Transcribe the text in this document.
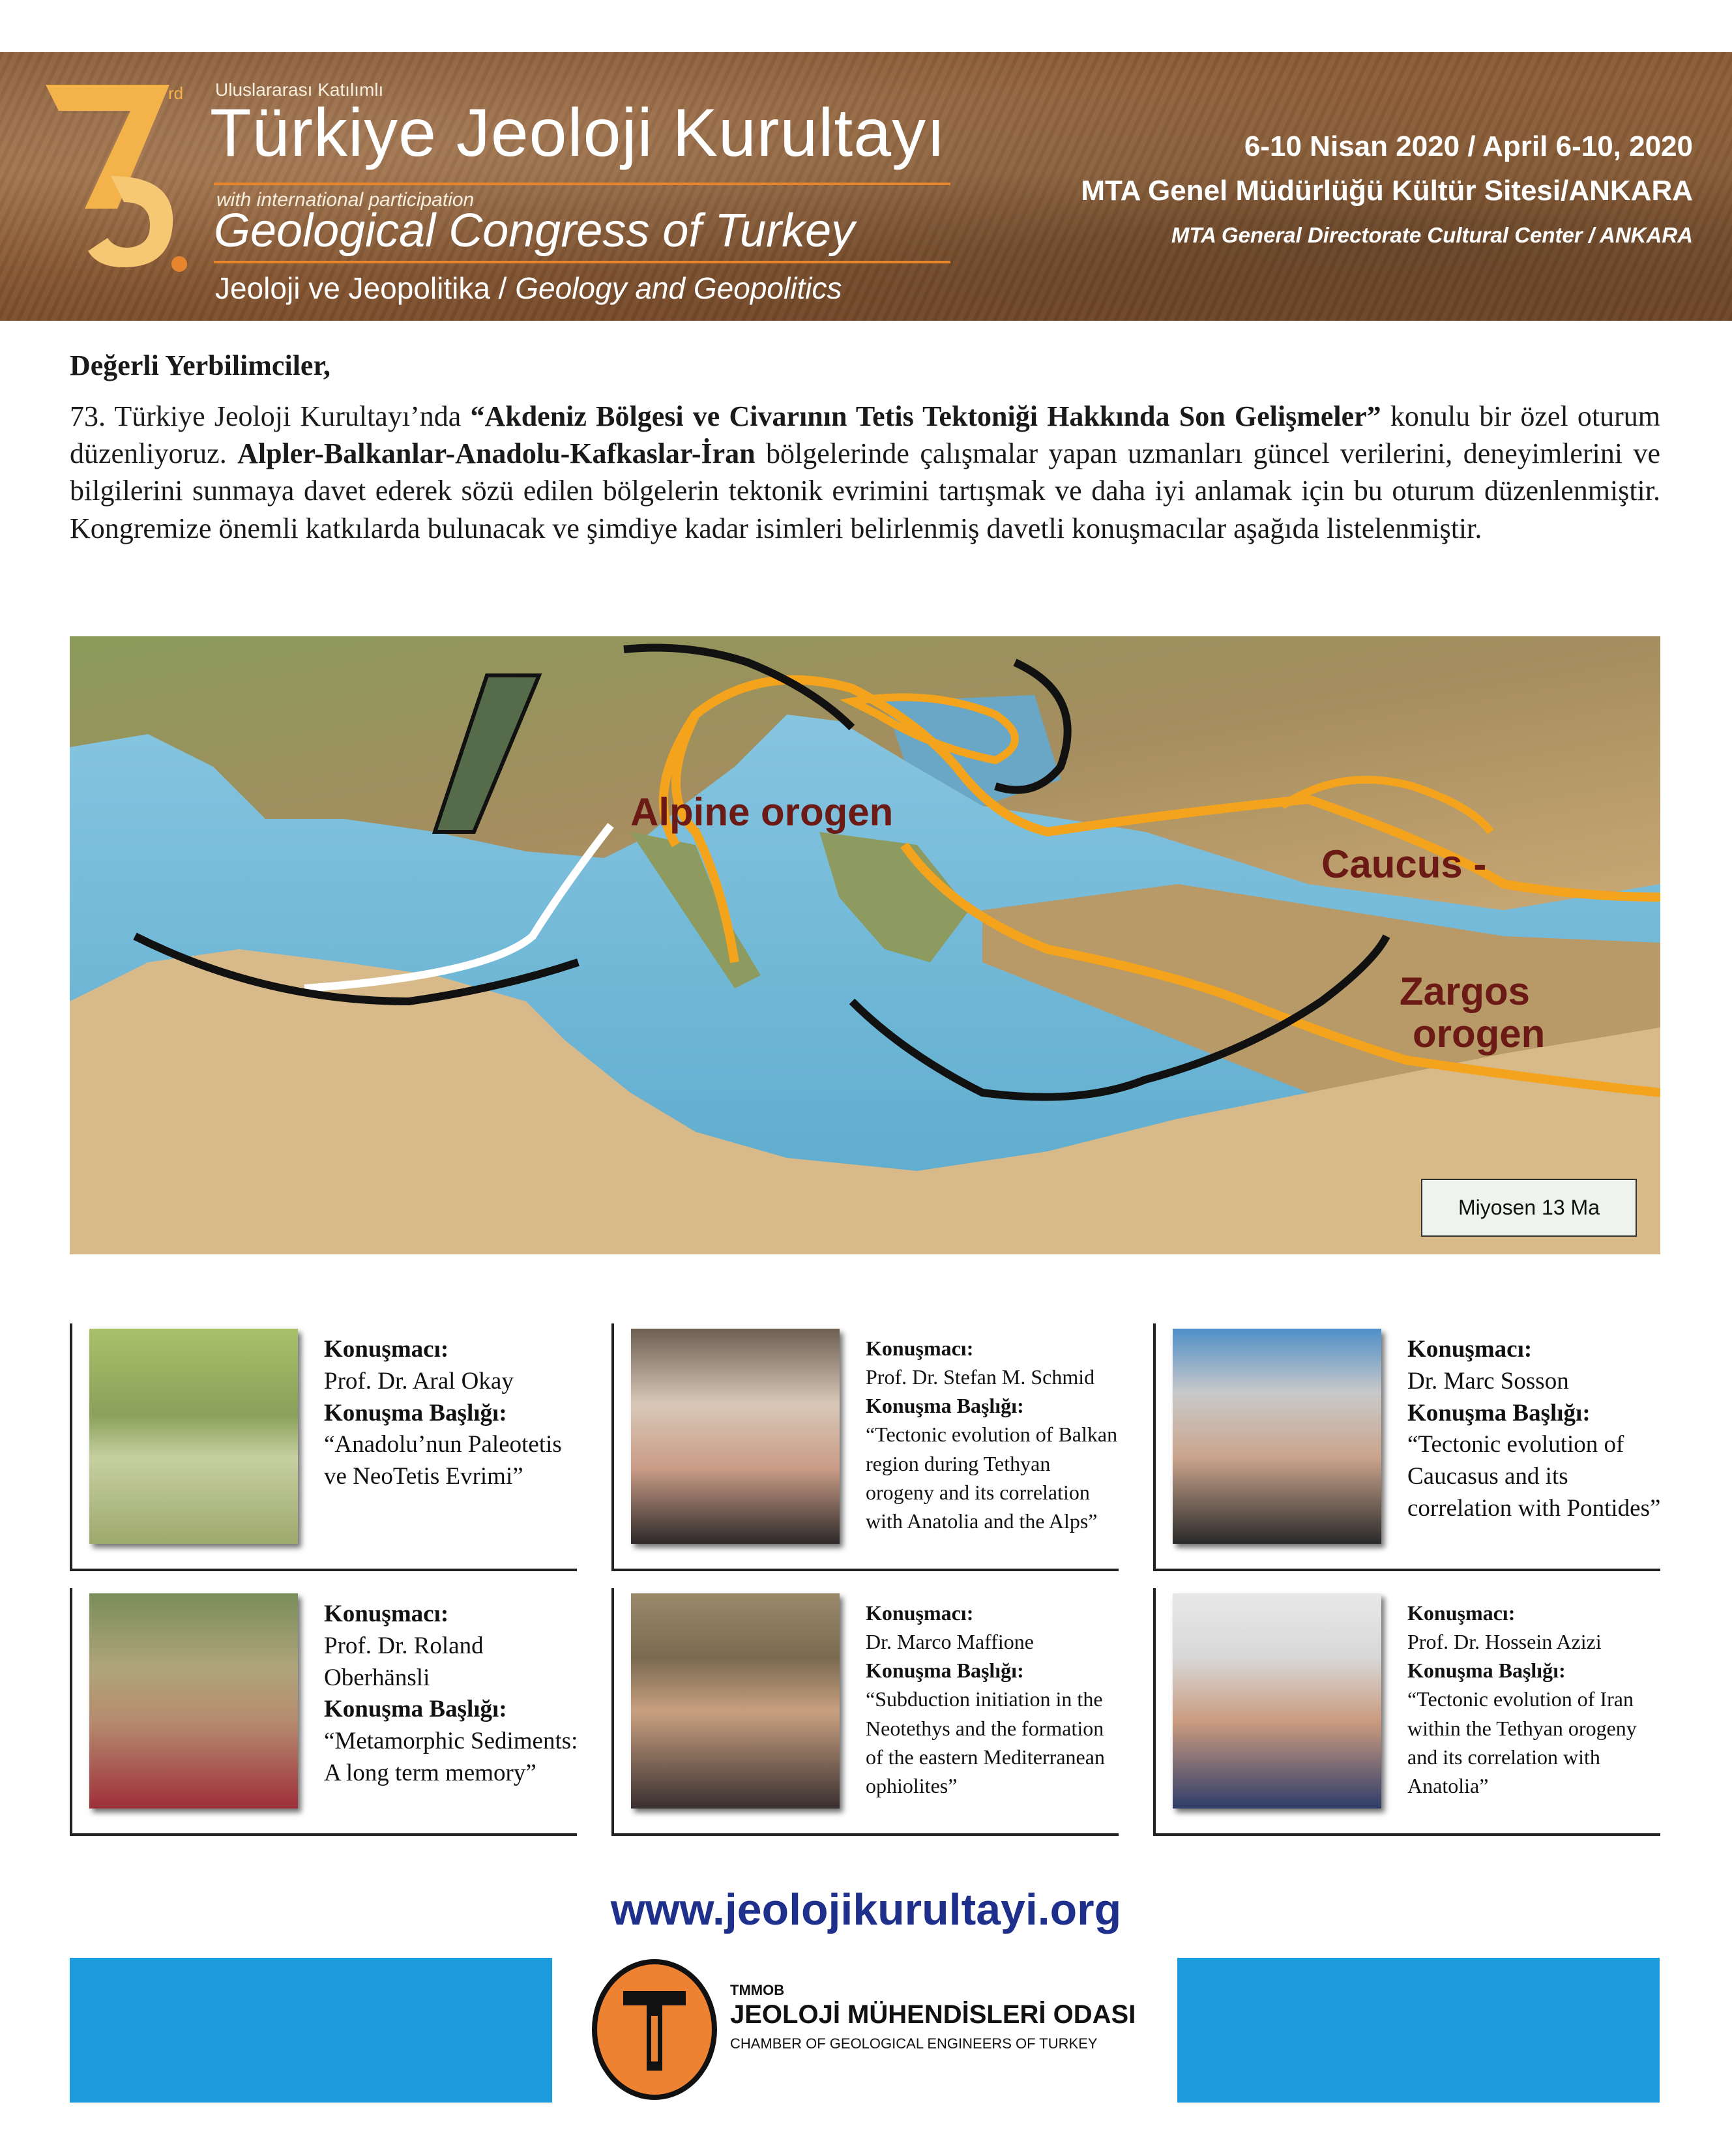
rd Uluslararası Katılımlı
Türkiye Jeoloji Kurultayı
with international participation
Geological Congress of Turkey
Jeoloji ve Jeopolitika / Geology and Geopolitics
6-10 Nisan 2020 / April 6-10, 2020
MTA Genel Müdürlüğü Kültür Sitesi/ANKARA
MTA General Directorate Cultural Center / ANKARA
Değerli Yerbilimciler,
73. Türkiye Jeoloji Kurultayı’nda “Akdeniz Bölgesi ve Civarının Tetis Tektoniği Hakkında Son Gelişmeler” konulu bir özel oturum düzenliyoruz. Alpler-Balkanlar-Anadolu-Kafkaslar-İran bölgelerinde çalışmalar yapan uzmanları güncel verilerini, deneyimlerini ve bilgilerini sunmaya davet ederek sözü edilen bölgelerin tektonik evrimini tartışmak ve daha iyi anlamak için bu oturum düzenlenmiştir. Kongremize önemli katkılarda bulunacak ve şimdiye kadar isimleri belirlenmiş davetli konuşmacılar aşağıda listelenmiştir.
Alpine orogen
Caucus -
Zargos
orogen
Miyosen 13 Ma
Konuşmacı:
Prof. Dr. Aral Okay
Konuşma Başlığı:
“Anadolu’nun Paleotetis ve NeoTetis Evrimi”
Konuşmacı:
Prof. Dr. Stefan M. Schmid
Konuşma Başlığı:
“Tectonic evolution of Balkan region during Tethyan orogeny and its correlation with Anatolia and the Alps”
Konuşmacı:
Dr. Marc Sosson
Konuşma Başlığı:
“Tectonic evolution of Caucasus and its correlation with Pontides”
Konuşmacı:
Prof. Dr. Roland Oberhänsli
Konuşma Başlığı:
“Metamorphic Sediments: A long term memory”
Konuşmacı:
Dr. Marco Maffione
Konuşma Başlığı:
“Subduction initiation in the Neotethys and the formation of the eastern Mediterranean ophiolites”
Konuşmacı:
Prof. Dr. Hossein Azizi
Konuşma Başlığı:
“Tectonic evolution of Iran within the Tethyan orogeny and its correlation with Anatolia”
www.jeolojikurultayi.org
TMMOB
JEOLOJİ MÜHENDİSLERİ ODASI
CHAMBER OF GEOLOGICAL ENGINEERS OF TURKEY
